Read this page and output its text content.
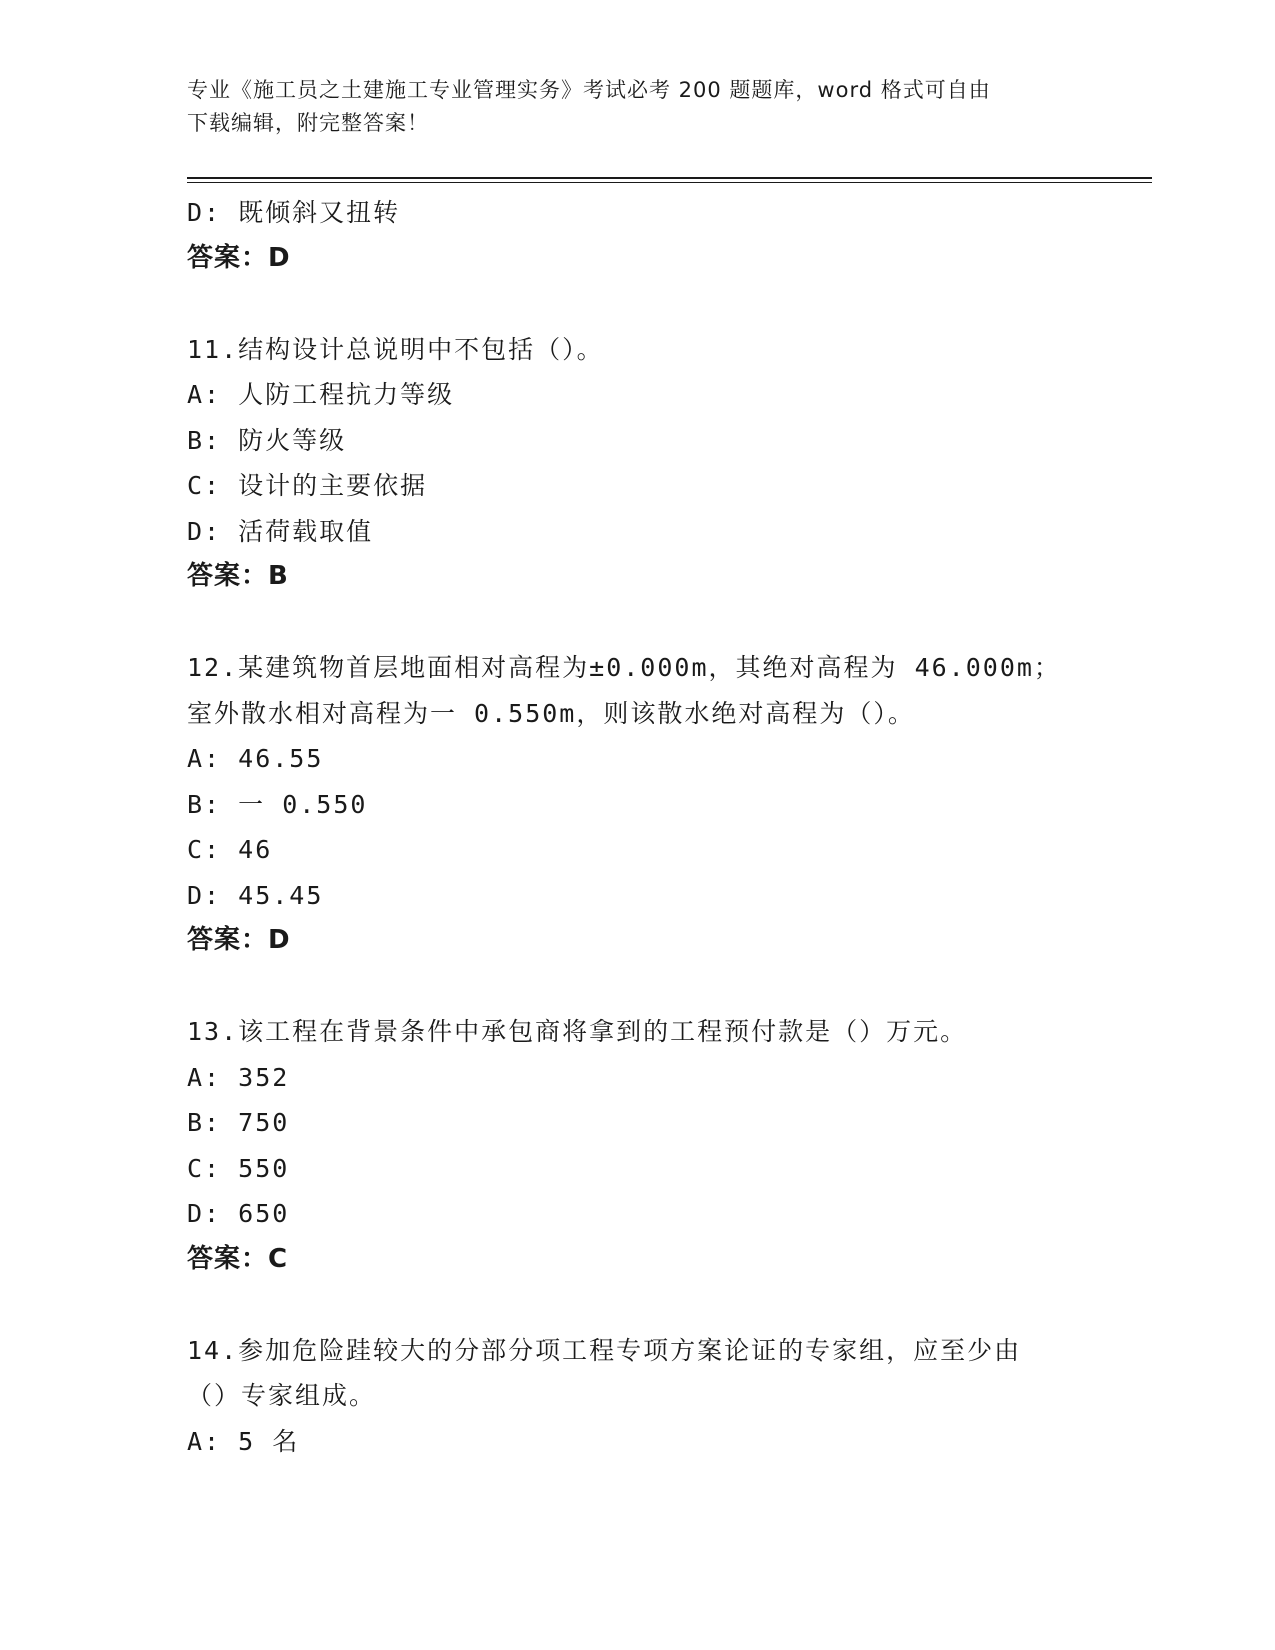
专业《施工员之土建施工专业管理实务》考试必考 200 题题库，word 格式可自由
下载编辑，附完整答案！
D: 既倾斜又扭转
答案：D
11.结构设计总说明中不包括（）。
A: 人防工程抗力等级
B: 防火等级
C: 设计的主要依据
D: 活荷载取值
答案：B
12.某建筑物首层地面相对高程为±0.000m，其绝对高程为 46.000m；
室外散水相对高程为一 0.550m，则该散水绝对高程为（）。
A: 46.55
B: 一 0.550
C: 46
D: 45.45
答案：D
13.该工程在背景条件中承包商将拿到的工程预付款是（）万元。
A: 352
B: 750
C: 550
D: 650
答案：C
14.参加危险跬较大的分部分项工程专项方案论证的专家组，应至少由
（）专家组成。
A: 5 名
